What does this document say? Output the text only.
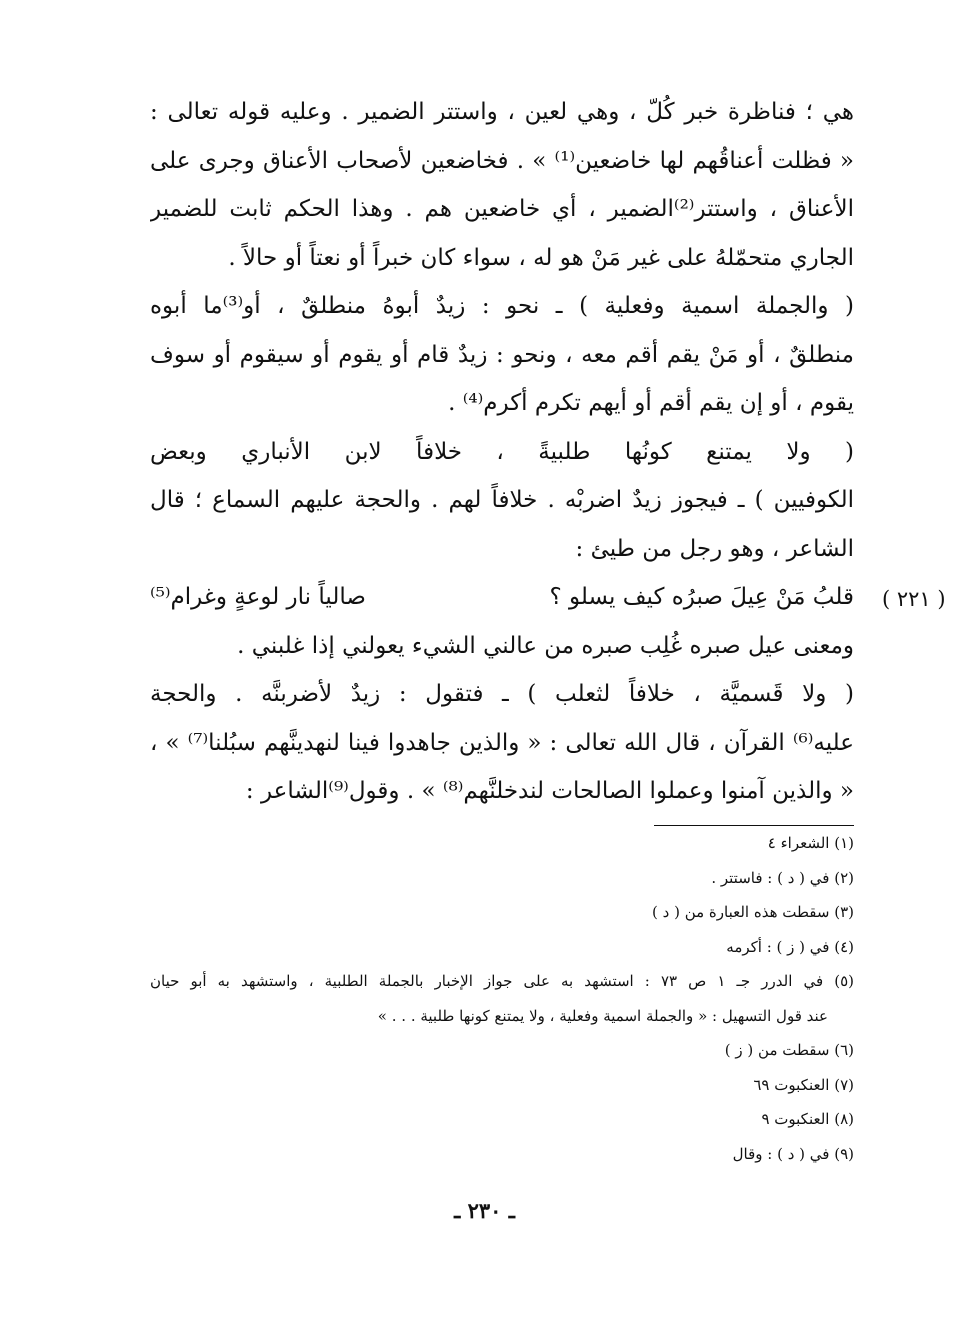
هي ؛ فناظرة خبر كُلّ ، وهي لعين ، واستتر الضمير . وعليه قوله تعالى :
« فظلت أعناقُهم لها خاضعين⁽¹⁾ » . فخاضعين لأصحاب الأعناق وجرى على
الأعناق ، واستتر⁽²⁾الضمير ، أي خاضعين هم . وهذا الحكم ثابت للضمير
الجاري متحمّلهُ على غير مَنْ هو له ، سواء كان خبراً أو نعتاً أو حالاً .
( والجملة اسمية وفعلية ) ـ نحو : زيدٌ أبوهُ منطلقٌ ، أو⁽³⁾ما أبوه
منطلقٌ ، أو مَنْ يقم أقم معه ، ونحو : زيدٌ قام أو يقوم أو سيقوم أو سوف
يقوم ، أو إن يقم أقم أو أيهم تكرم أكرم⁽⁴⁾ .
( ولا يمتنع كونُها طلبيةً ، خلافاً لابن الأنباري وبعض
الكوفيين ) ـ فيجوز زيدٌ اضربْه . خلافاً لهم . والحجة عليهم السماع ؛ قال
الشاعر ، وهو رجل من طيئ :
قلبُ مَنْ عِيلَ صبرُه كيف يسلو ؟
صالياً نار لوعةٍ وغرام⁽⁵⁾
ومعنى عيل صبره غُلِب صبره من عالني الشيء يعولني إذا غلبني .
( ولا قَسميَّة ، خلافاً لثعلب ) ـ فتقول : زيدٌ لأضربنَّه . والحجة
عليه⁽⁶⁾ القرآن ، قال الله تعالى : « والذين جاهدوا فينا لنهدينَّهم سبُلنا⁽⁷⁾ » ،
« والذين آمنوا وعملوا الصالحات لندخلنَّهم⁽⁸⁾ » . وقول⁽⁹⁾الشاعر :
( ٢٢١ )
(١) الشعراء ٤
(٢) في ( د ) : فاستتر .
(٣) سقطت هذه العبارة من ( د )
(٤) في ( ز ) : أكرمه
(٥) في الدرر جـ ١ ص ٧٣ : استشهد به على جواز الإخبار بالجملة الطلبية ، واستشهد به أبو حيان
عند قول التسهيل : « والجملة اسمية وفعلية ، ولا يمتنع كونها طلبية . . . »
(٦) سقطت من ( ز )
(٧) العنكبوت ٦٩
(٨) العنكبوت ٩
(٩) في ( د ) : وقال
ـ ٢٣٠ ـ
